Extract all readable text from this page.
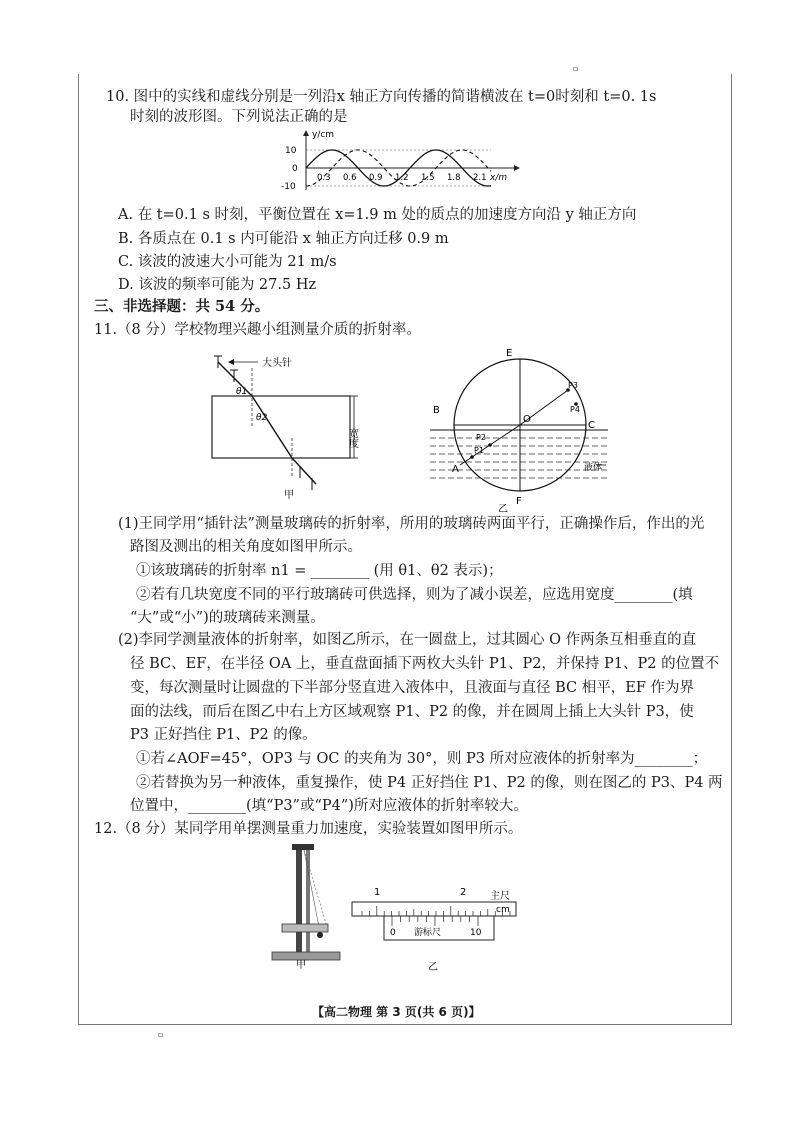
▫
▫
10. 图中的实线和虚线分别是一列沿x 轴正方向传播的简谐横波在 t=0时刻和 t=0. 1s
时刻的波形图。下列说法正确的是
y/cm
10
0
-10
0.3 0.6 0.9 1.2 1.5 1.8 2.1 x/m
A. 在 t=0.1 s 时刻，平衡位置在 x=1.9 m 处的质点的加速度方向沿 y 轴正方向
B. 各质点在 0.1 s 内可能沿 x 轴正方向迁移 0.9 m
C. 该波的波速大小可能为 21 m/s
D. 该波的频率可能为 27.5 Hz
三、非选择题：共 54 分。
11.（8 分）学校物理兴趣小组测量介质的折射率。
大头针
θ1
θ2
宽度
甲
E
B
O
C
A
F
P1
P2
P3
P4
液体
乙
(1)王同学用“插针法”测量玻璃砖的折射率，所用的玻璃砖两面平行，正确操作后，作出的光
路图及测出的相关角度如图甲所示。
①该玻璃砖的折射率 n1 = ________ (用 θ1、θ2 表示)；
②若有几块宽度不同的平行玻璃砖可供选择，则为了减小误差，应选用宽度________(填
“大”或“小”)的玻璃砖来测量。
(2)李同学测量液体的折射率，如图乙所示，在一圆盘上，过其圆心 O 作两条互相垂直的直
径 BC、EF，在半径 OA 上，垂直盘面插下两枚大头针 P1、P2，并保持 P1、P2 的位置不
变，每次测量时让圆盘的下半部分竖直进入液体中，且液面与直径 BC 相平，EF 作为界
面的法线，而后在图乙中右上方区域观察 P1、P2 的像，并在圆周上插上大头针 P3，使
P3 正好挡住 P1、P2 的像。
①若∠AOF=45°，OP3 与 OC 的夹角为 30°，则 P3 所对应液体的折射率为________；
②若替换为另一种液体，重复操作，使 P4 正好挡住 P1、P2 的像，则在图乙的 P3、P4 两
位置中，________(填“P3”或“P4”)所对应液体的折射率较大。
12.（8 分）某同学用单摆测量重力加速度，实验装置如图甲所示。
甲
1	2 主尺
cm
0 游标尺	10
乙
【高二物理 第 3 页(共 6 页)】
